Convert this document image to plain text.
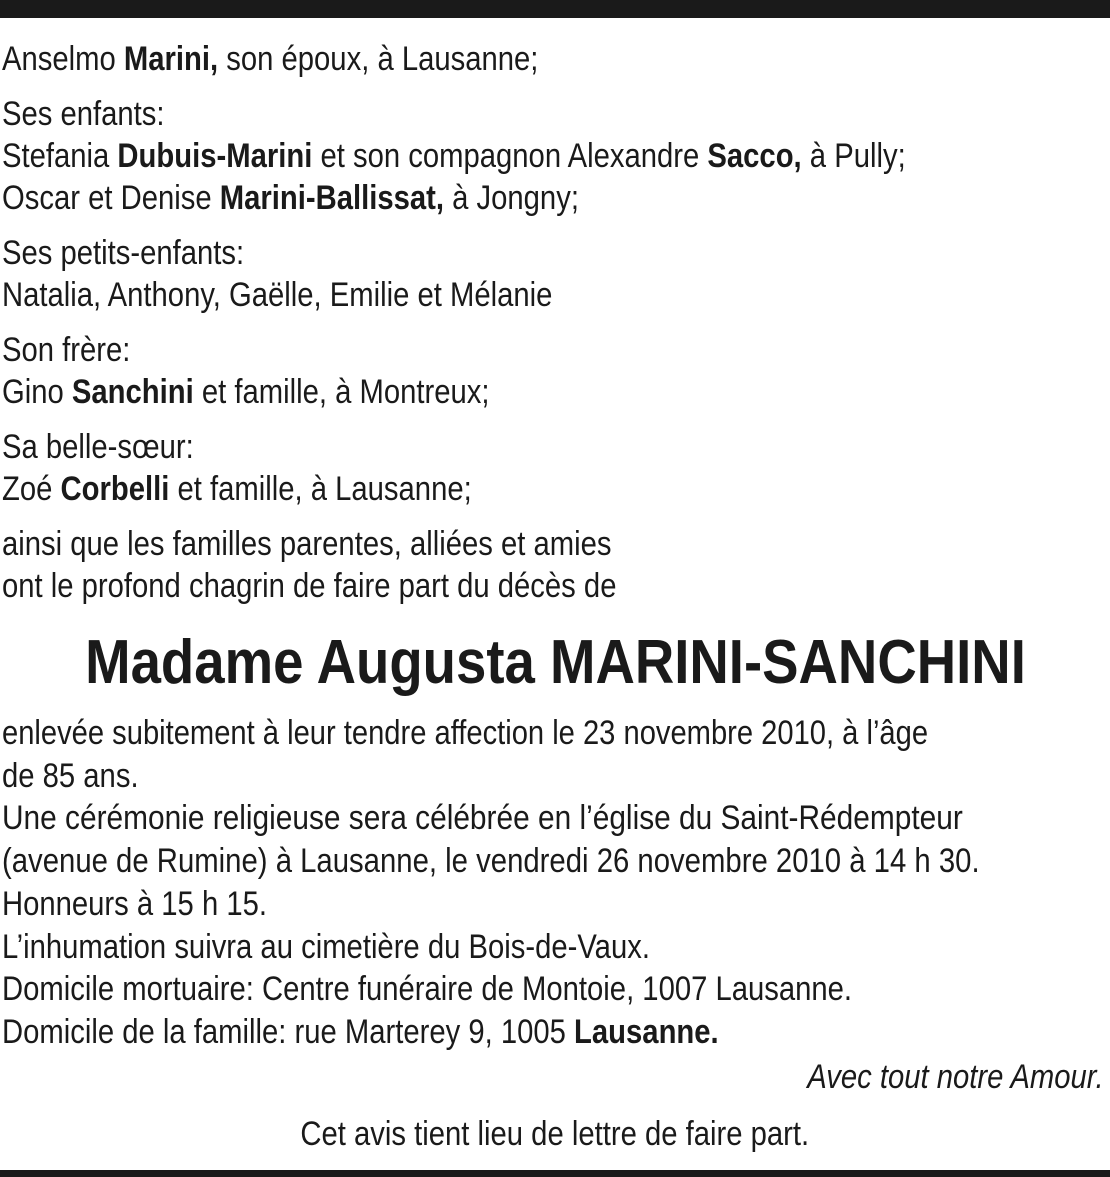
Anselmo Marini, son époux, à Lausanne;
Ses enfants:
Stefania Dubuis-Marini et son compagnon Alexandre Sacco, à Pully;
Oscar et Denise Marini-Ballissat, à Jongny;
Ses petits-enfants:
Natalia, Anthony, Gaëlle, Emilie et Mélanie
Son frère:
Gino Sanchini et famille, à Montreux;
Sa belle-sœur:
Zoé Corbelli et famille, à Lausanne;
ainsi que les familles parentes, alliées et amies
ont le profond chagrin de faire part du décès de
Madame Augusta MARINI-SANCHINI
enlevée subitement à leur tendre affection le 23 novembre 2010, à l’âge
de 85 ans.
Une cérémonie religieuse sera célébrée en l’église du Saint-Rédempteur
(avenue de Rumine) à Lausanne, le vendredi 26 novembre 2010 à 14 h 30.
Honneurs à 15 h 15.
L’inhumation suivra au cimetière du Bois-de-Vaux.
Domicile mortuaire: Centre funéraire de Montoie, 1007 Lausanne.
Domicile de la famille: rue Marterey 9, 1005 Lausanne.
Avec tout notre Amour.
Cet avis tient lieu de lettre de faire part.
